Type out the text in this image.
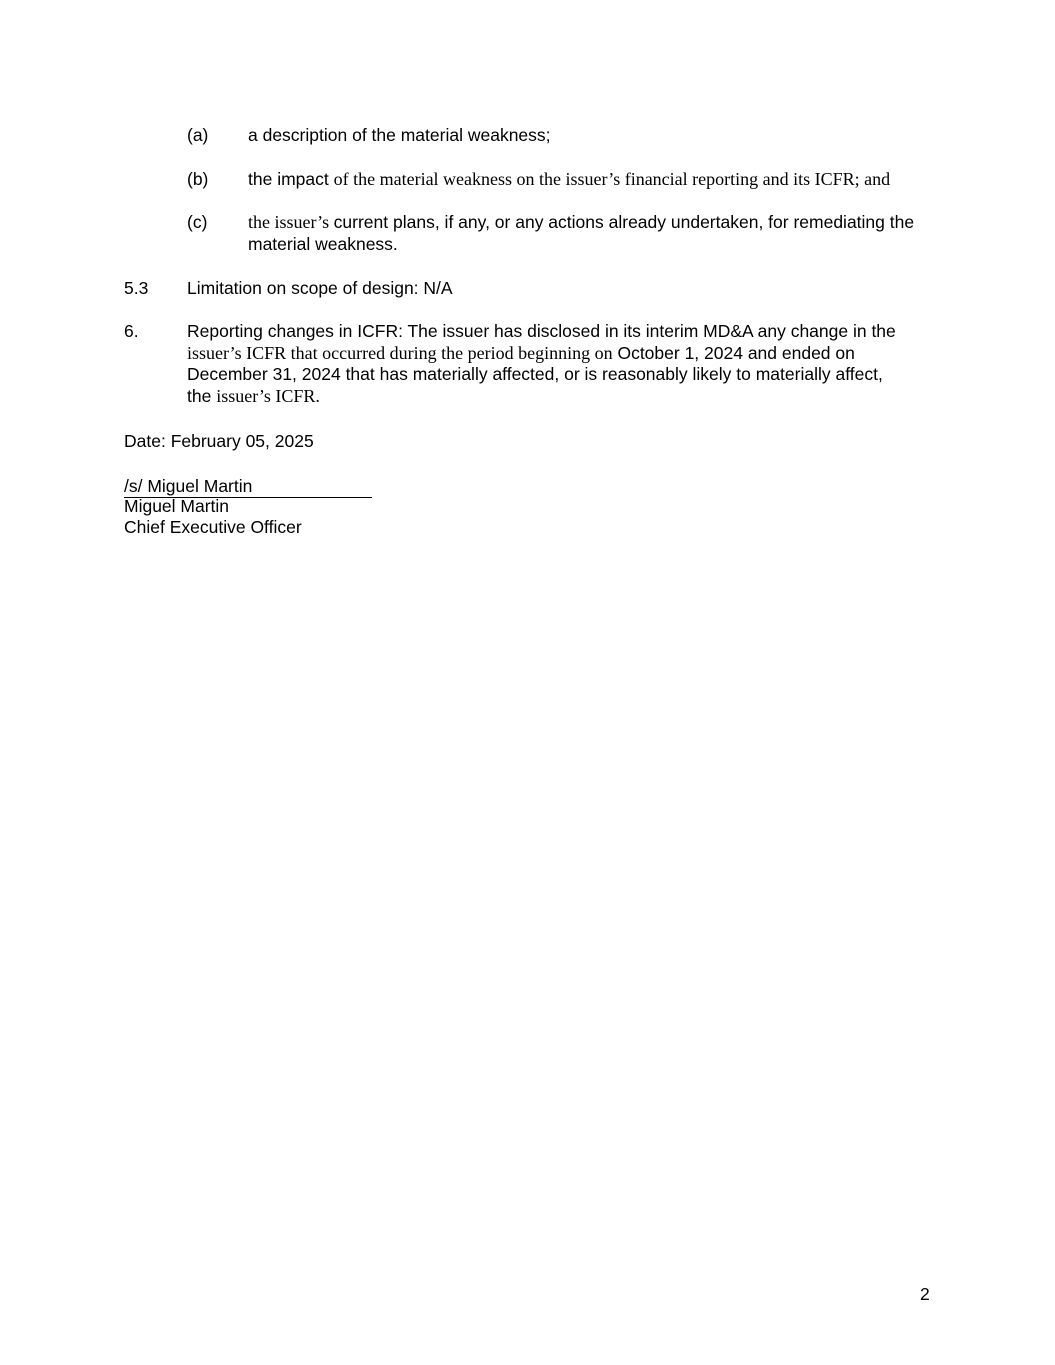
(a) a description of the material weakness;
(b) the impact of the material weakness on the issuer’s financial reporting and its ICFR; and
(c) the issuer’s current plans, if any, or any actions already undertaken, for remediating the material weakness.
5.3 Limitation on scope of design: N/A
6.	Reporting changes in ICFR: The issuer has disclosed in its interim MD&A any change in the issuer’s ICFR that occurred during the period beginning on October 1, 2024 and ended on December 31, 2024 that has materially affected, or is reasonably likely to materially affect, the issuer’s ICFR.
Date: February 05, 2025
/s/ Miguel Martin
Miguel Martin
Chief Executive Officer
2
